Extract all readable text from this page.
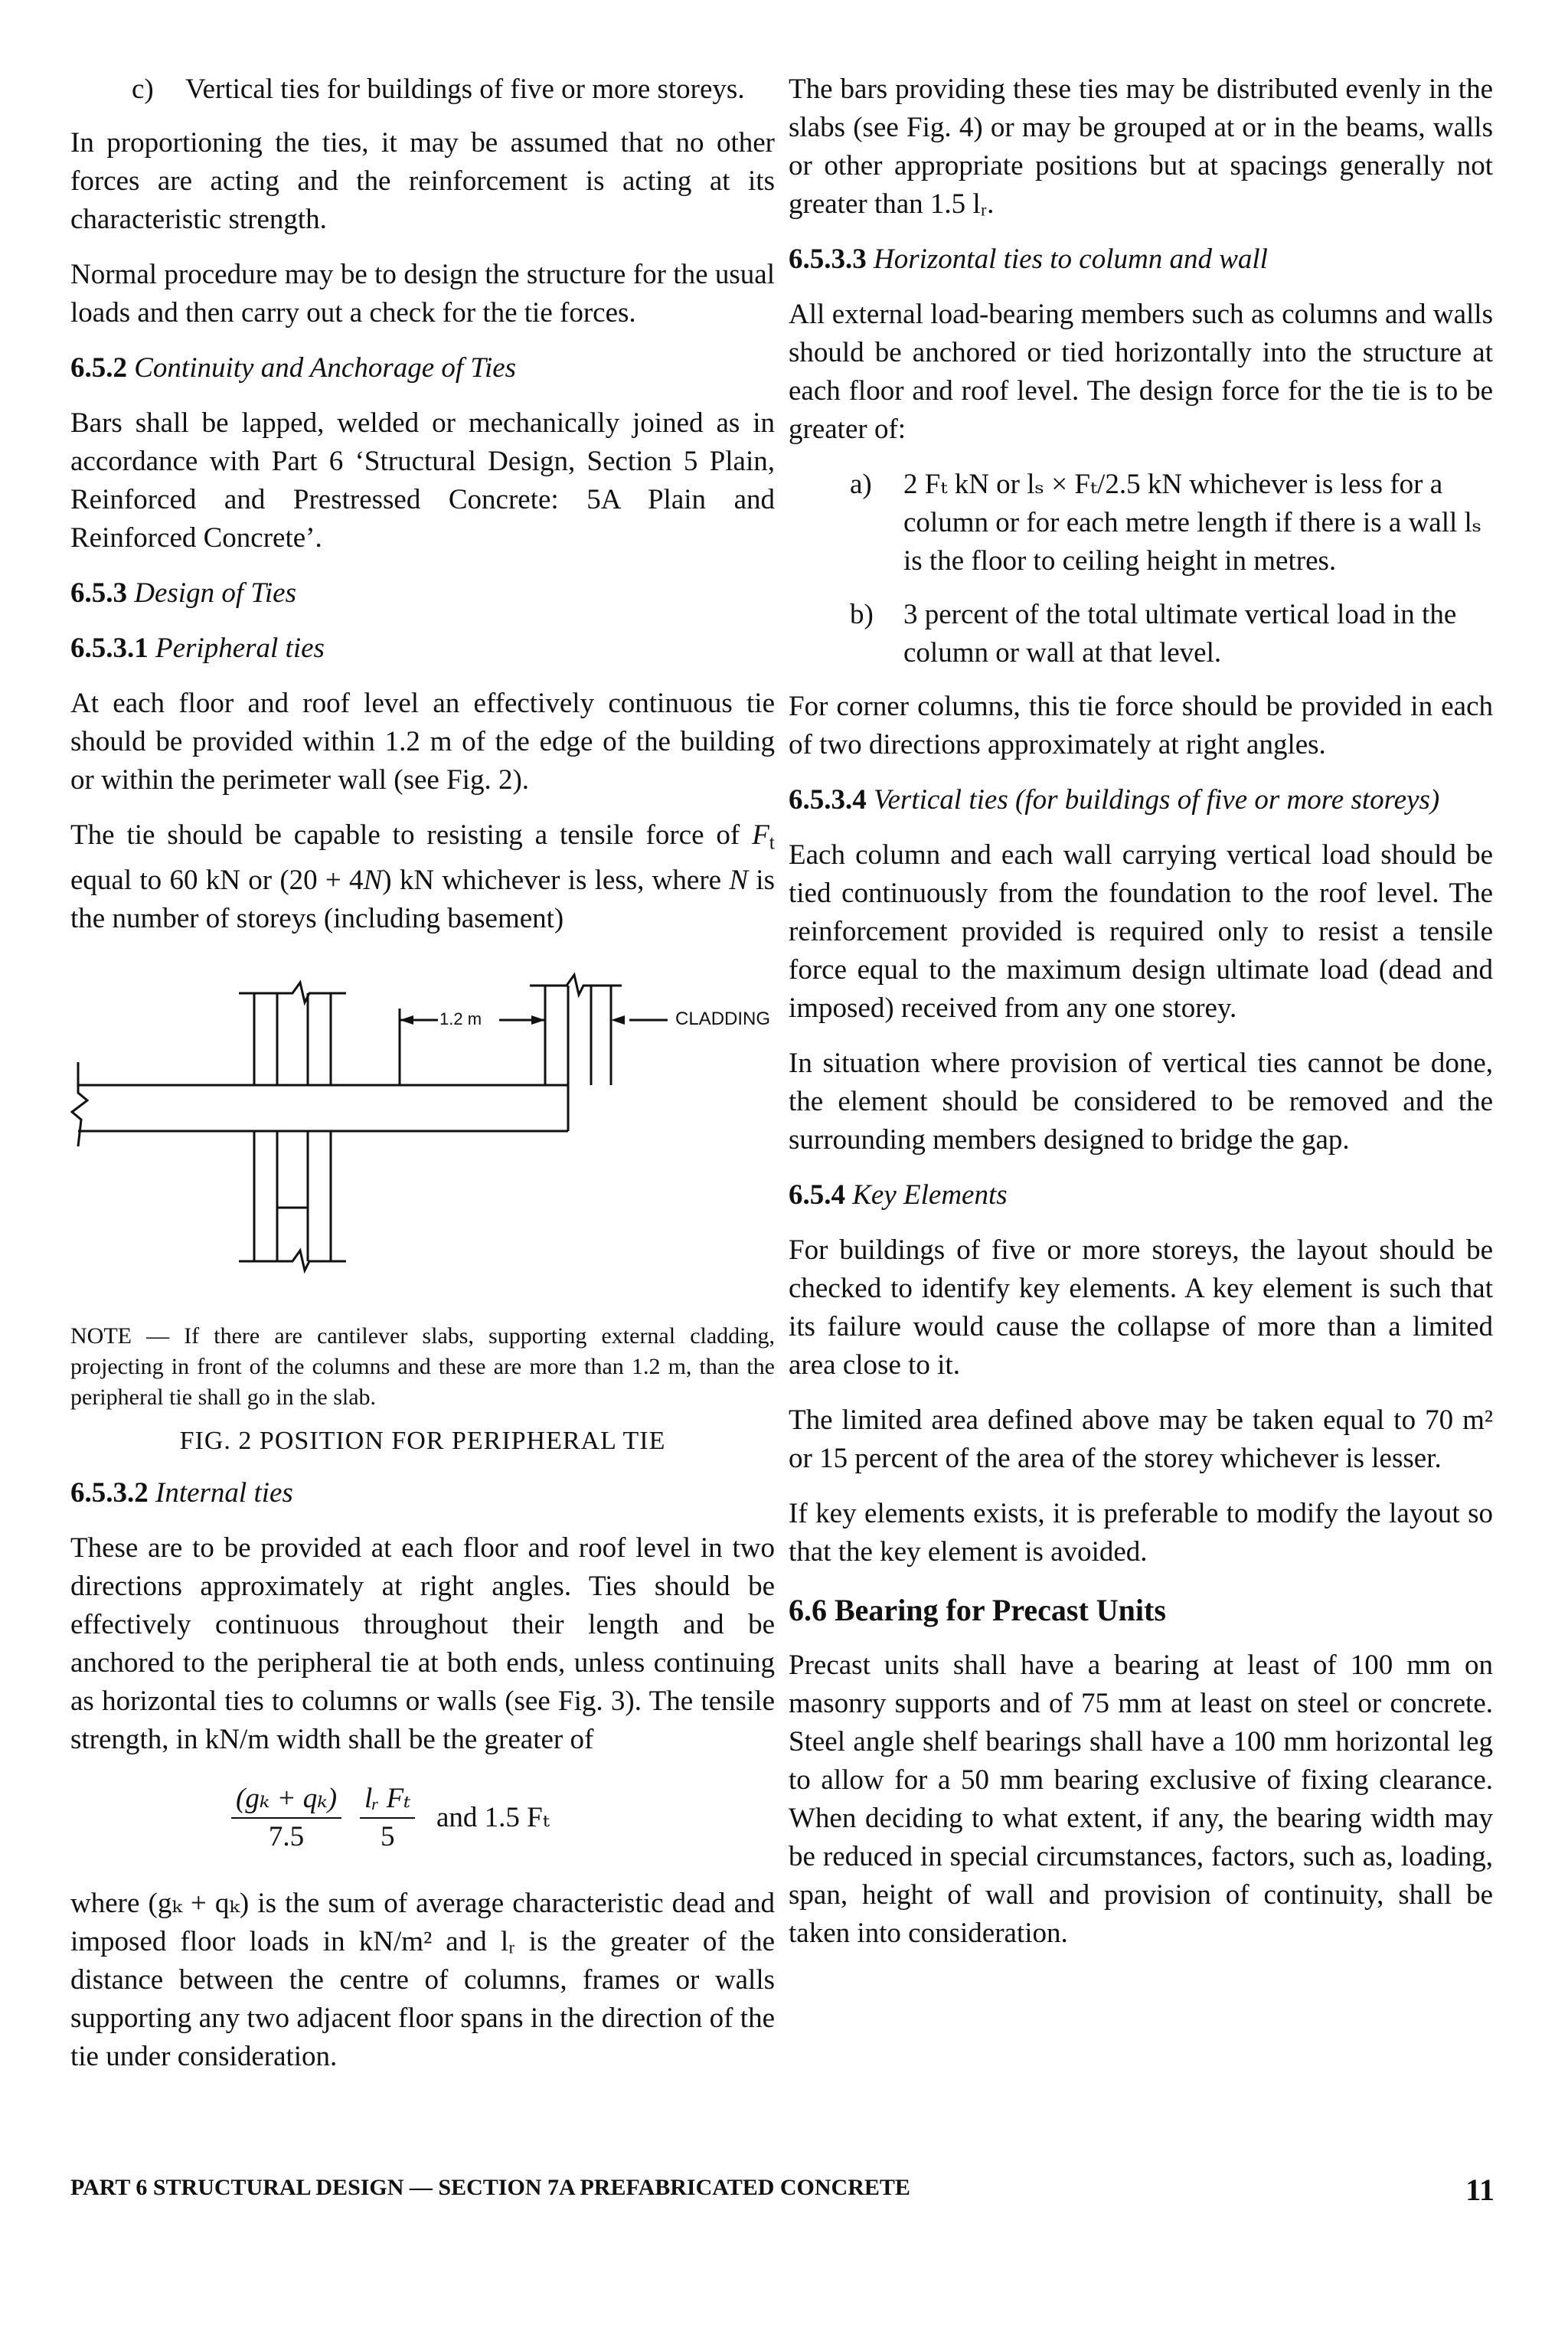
c) Vertical ties for buildings of five or more storeys.

In proportioning the ties, it may be assumed that no other forces are acting and the reinforcement is acting at its characteristic strength.

Normal procedure may be to design the structure for the usual loads and then carry out a check for the tie forces.

6.5.2 Continuity and Anchorage of Ties

Bars shall be lapped, welded or mechanically joined as in accordance with Part 6 ‘Structural Design, Section 5 Plain, Reinforced and Prestressed Concrete: 5A Plain and Reinforced Concrete’.

6.5.3 Design of Ties
6.5.3.1 Peripheral ties

At each floor and roof level an effectively continuous tie should be provided within 1.2 m of the edge of the building or within the perimeter wall (see Fig. 2).

The tie should be capable to resisting a tensile force of $F_t$ equal to 60 kN or (20 + 4N) kN whichever is less, where N is the number of storeys (including basement)

1.2 m	CLADDING

NOTE — If there are cantilever slabs, supporting external cladding, projecting in front of the columns and these are more than 1.2 m, than the peripheral tie shall go in the slab.

FIG. 2 POSITION FOR PERIPHERAL TIE
6.5.3.2 Internal ties

These are to be provided at each floor and roof level in two directions approximately at right angles. Ties should be effectively continuous throughout their length and be anchored to the peripheral tie at both ends, unless continuing as horizontal ties to columns or walls (see Fig. 3). The tensile strength, in kN/m width shall be the greater of

$\frac{\text{(gₖ + qₖ)}}{7.5} \frac{\text{lᵣ Fₜ}}{5}$ and 1.5 Fₜ

where (gₖ + qₖ) is the sum of average characteristic dead and imposed floor loads in kN/m² and lᵣ is the greater of the distance between the centre of columns, frames or walls supporting any two adjacent floor spans in the direction of the tie under consideration.

The bars providing these ties may be distributed evenly in the slabs (see Fig. 4) or may be grouped at or in the beams, walls or other appropriate positions but at spacings generally not greater than 1.5 lᵣ.

6.5.3.3 Horizontal ties to column and wall

All external load-bearing members such as columns and walls should be anchored or tied horizontally into the structure at each floor and roof level. The design force for the tie is to be greater of:

a) 2 Fₜ kN or lₛ × Fₜ/2.5 kN whichever is less for a column or for each metre length if there is a wall lₛ is the floor to ceiling height in metres.

b) 3 percent of the total ultimate vertical load in the column or wall at that level.

For corner columns, this tie force should be provided in each of two directions approximately at right angles.

6.5.3.4 Vertical ties (for buildings of five or more storeys)

Each column and each wall carrying vertical load should be tied continuously from the foundation to the roof level. The reinforcement provided is required only to resist a tensile force equal to the maximum design ultimate load (dead and imposed) received from any one storey.

In situation where provision of vertical ties cannot be done, the element should be considered to be removed and the surrounding members designed to bridge the gap.

6.5.4 Key Elements

For buildings of five or more storeys, the layout should be checked to identify key elements. A key element is such that its failure would cause the collapse of more than a limited area close to it.

The limited area defined above may be taken equal to 70 m² or 15 percent of the area of the storey whichever is lesser.

If key elements exists, it is preferable to modify the layout so that the key element is avoided.

6.6 Bearing for Precast Units

Precast units shall have a bearing at least of 100 mm on masonry supports and of 75 mm at least on steel or concrete. Steel angle shelf bearings shall have a 100 mm horizontal leg to allow for a 50 mm bearing exclusive of fixing clearance. When deciding to what extent, if any, the bearing width may be reduced in special circumstances, factors, such as, loading, span, height of wall and provision of continuity, shall be taken into consideration.

PART 6 STRUCTURAL DESIGN — SECTION 7A PREFABRICATED CONCRETE	11
